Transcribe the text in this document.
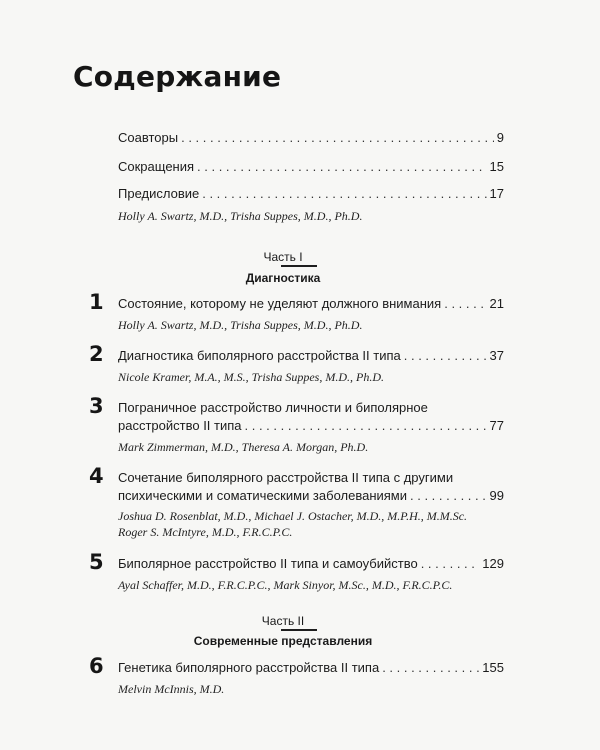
Содержание
Соавторы . . .	9
Сокращения . . .	15
Предисловие . . .	17
Holly A. Swartz, M.D., Trisha Suppes, M.D., Ph.D.
Часть I
Диагностика
1 Состояние, которому не уделяют должного внимания . . .	21
Holly A. Swartz, M.D., Trisha Suppes, M.D., Ph.D.
2 Диагностика биполярного расстройства II типа . . .	37
Nicole Kramer, M.A., M.S., Trisha Suppes, M.D., Ph.D.
3 Пограничное расстройство личности и биполярное
расстройство II типа . . .	77
Mark Zimmerman, M.D., Theresa A. Morgan, Ph.D.
4 Сочетание биполярного расстройства II типа с другими
психическими и соматическими заболеваниями . . .	99
Joshua D. Rosenblat, M.D., Michael J. Ostacher, M.D., M.P.H., M.M.Sc.
Roger S. McIntyre, M.D., F.R.C.P.C.
5 Биполярное расстройство II типа и самоубийство . . .	129
Ayal Schaffer, M.D., F.R.C.P.C., Mark Sinyor, M.Sc., M.D., F.R.C.P.C.
Часть II
Современные представления
6 Генетика биполярного расстройства II типа . . .	155
Melvin McInnis, M.D.
